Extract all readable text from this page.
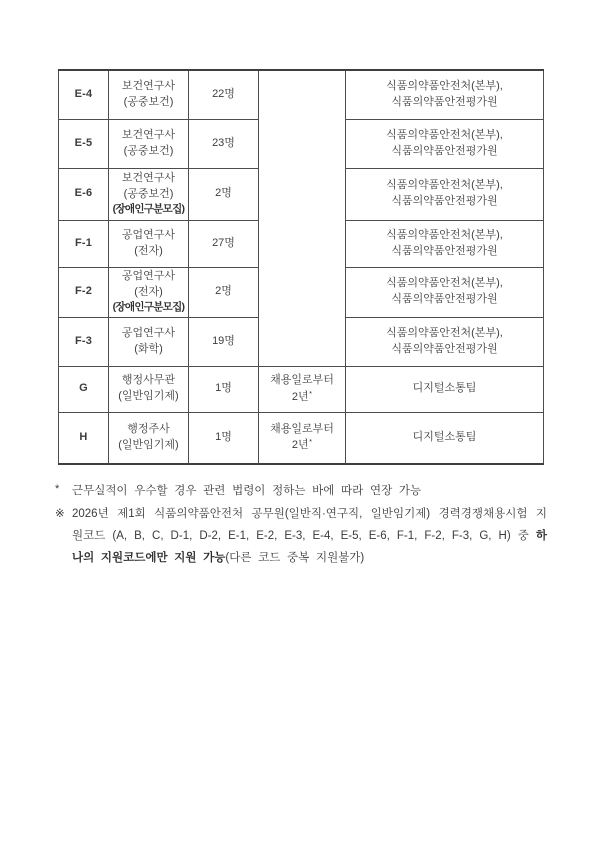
E-4	보건연구사
(공중보건)	22명		식품의약품안전처(본부),
식품의약품안전평가원

E-5	보건연구사
(공중보건)	23명		식품의약품안전처(본부),
식품의약품안전평가원

E-6	보건연구사
(공중보건)
(장애인구분모집)	2명		식품의약품안전처(본부),
식품의약품안전평가원

F-1	공업연구사
(전자)	27명		식품의약품안전처(본부),
식품의약품안전평가원

F-2	공업연구사
(전자)
(장애인구분모집)	2명		식품의약품안전처(본부),
식품의약품안전평가원

F-3	공업연구사
(화학)	19명		식품의약품안전처(본부),
식품의약품안전평가원

G	행정사무관
(일반임기제)	1명	채용일로부터
2년*	디지털소통팀

H	행정주사
(일반임기제)	1명	채용일로부터
2년*	디지털소통팀

* 근무실적이 우수할 경우 관련 법령이 정하는 바에 따라 연장 가능

※ 2026년 제1회 식품의약품안전처 공무원(일반직·연구직, 일반임기제) 경력경쟁채용시험 지원코드 (A, B, C, D-1, D-2, E-1, E-2, E-3, E-4, E-5, E-6, F-1, F-2, F-3, G, H) 중 하나의 지원코드에만 지원 가능(다른 코드 중복 지원불가)
